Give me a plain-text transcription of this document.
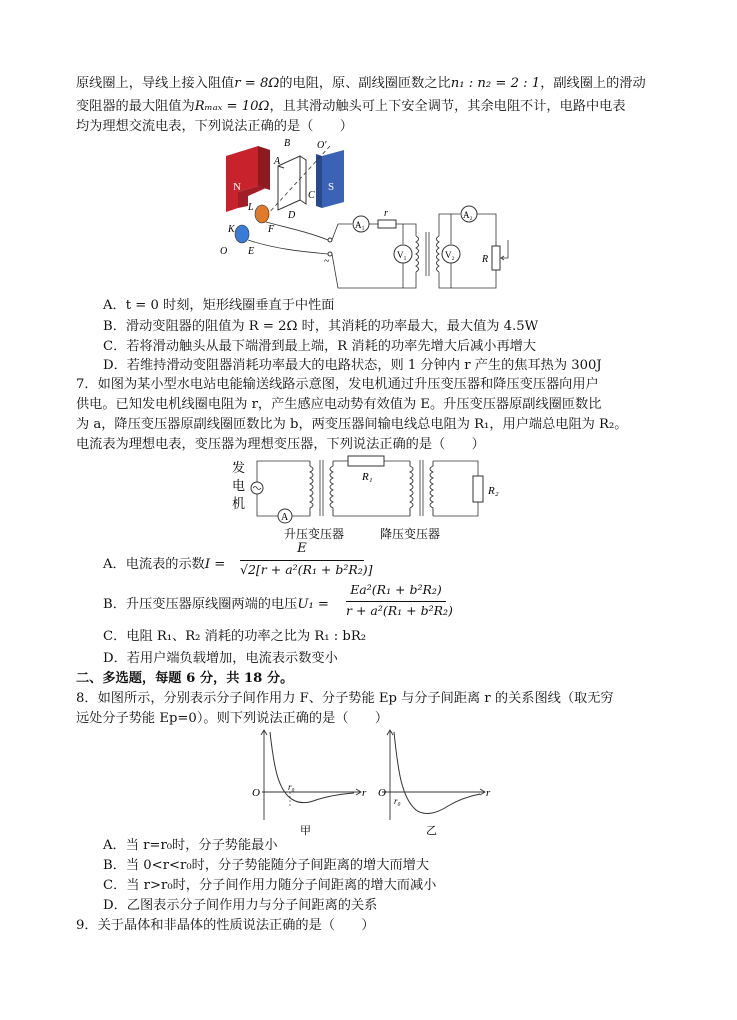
原线圈上，导线上接入阻值r = 8Ω的电阻，原、副线圈匝数之比n₁ : n₂ = 2 : 1，副线圈上的滑动
变阻器的最大阻值为Rₘₐₓ = 10Ω，且其滑动触头可上下安全调节，其余电阻不计，电路中电表
均为理想交流电表，下列说法正确的是（　　）
N	S
A
B
C
D
O′
K
L
O E
F
~
A₁
r
V₁
A₂
V₂	R
A．t = 0 时刻，矩形线圈垂直于中性面
B．滑动变阻器的阻值为 R = 2Ω 时，其消耗的功率最大，最大值为 4.5W
C．若将滑动触头从最下端滑到最上端，R 消耗的功率先增大后减小再增大
D．若维持滑动变阻器消耗功率最大的电路状态，则 1 分钟内 r 产生的焦耳热为 300J
7．如图为某小型水电站电能输送线路示意图，发电机通过升压变压器和降压变压器向用户
供电。已知发电机线圈电阻为 r，产生感应电动势有效值为 E。升压变压器原副线圈匝数比
为 a，降压变压器原副线圈匝数比为 b，两变压器间输电线总电阻为 R₁，用户端总电阻为 R₂。
电流表为理想电表，变压器为理想变压器，下列说法正确的是（　　）
发
电
机
A
R₁
R₂
升压变压器	降压变压器
A．电流表的示数I =
E
√2[r + a²(R₁ + b²R₂)]
B．升压变压器原线圈两端的电压U₁ =
Ea²(R₁ + b²R₂)
r + a²(R₁ + b²R₂)
C．电阻 R₁、R₂ 消耗的功率之比为 R₁ : bR₂
D．若用户端负载增加，电流表示数变小
二、多选题，每题 6 分，共 18 分。
8．如图所示，分别表示分子间作用力 F、分子势能 Ep 与分子间距离 r 的关系图线（取无穷
远处分子势能 Ep=0）。则下列说法正确的是（　　）
O	r
r₀
甲
O	r
r₀
乙
A．当 r=r₀时，分子势能最小
B．当 0<r<r₀时，分子势能随分子间距离的增大而增大
C．当 r>r₀时，分子间作用力随分子间距离的增大而减小
D．乙图表示分子间作用力与分子间距离的关系
9．关于晶体和非晶体的性质说法正确的是（　　）
